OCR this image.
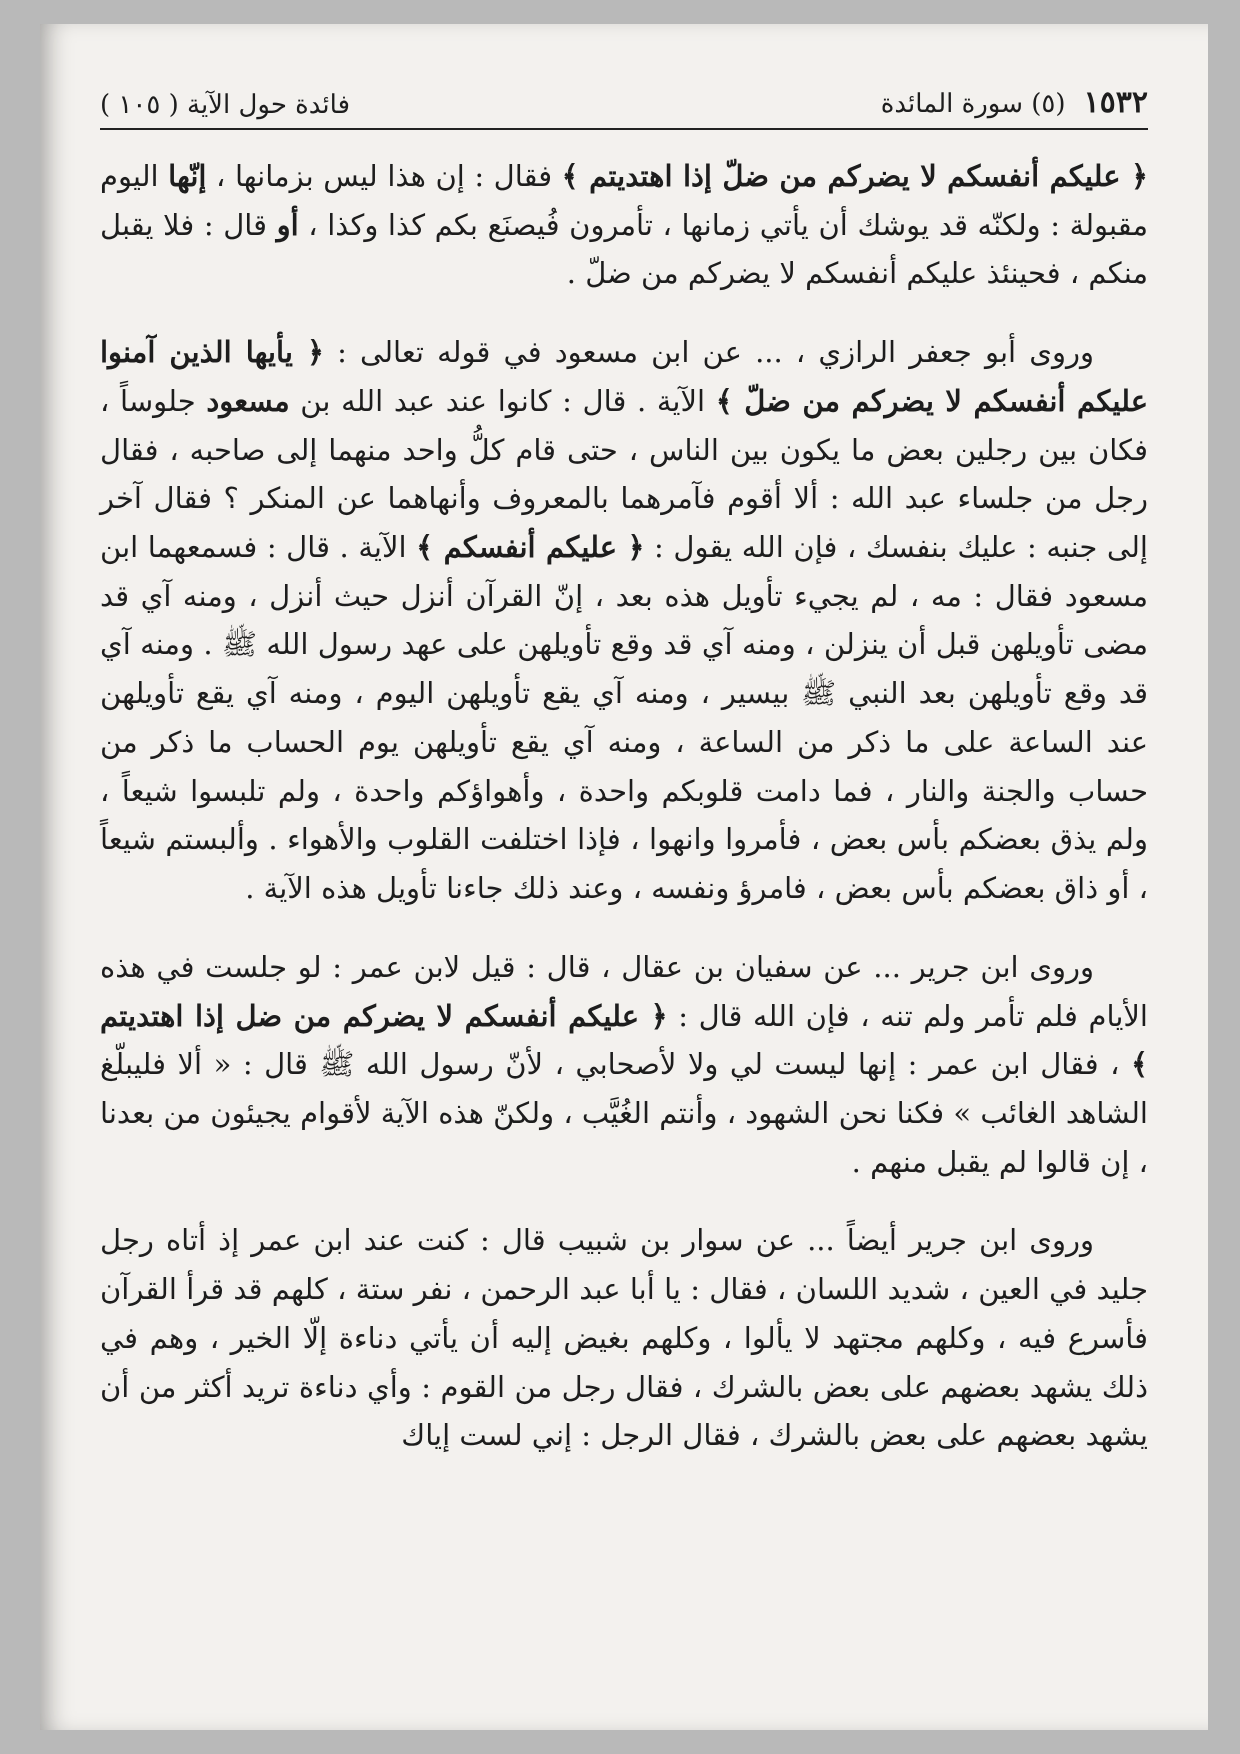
١٥٣٢
(٥) سورة المائدة
فائدة حول الآية ( ١٠٥ )

﴿ عليكم أنفسكم لا يضركم من ضلّ إذا اهتديتم ﴾ فقال : إن هذا ليس بزمانها ، إنّها اليوم مقبولة : ولكنّه قد يوشك أن يأتي زمانها ، تأمرون فُيصنَع بكم كذا وكذا ، أو قال : فلا يقبل منكم ، فحينئذ عليكم أنفسكم لا يضركم من ضلّ .

وروى أبو جعفر الرازي ، ... عن ابن مسعود في قوله تعالى : ﴿ يأيها الذين آمنوا عليكم أنفسكم لا يضركم من ضلّ ﴾ الآية . قال : كانوا عند عبد الله بن مسعود جلوساً ، فكان بين رجلين بعض ما يكون بين الناس ، حتى قام كلُّ واحد منهما إلى صاحبه ، فقال رجل من جلساء عبد الله : ألا أقوم فآمرهما بالمعروف وأنهاهما عن المنكر ؟ فقال آخر إلى جنبه : عليك بنفسك ، فإن الله يقول : ﴿ عليكم أنفسكم ﴾ الآية . قال : فسمعهما ابن مسعود فقال : مه ، لم يجيء تأويل هذه بعد ، إنّ القرآن أنزل حيث أنزل ، ومنه آي قد مضى تأويلهن قبل أن ينزلن ، ومنه آي قد وقع تأويلهن على عهد رسول الله ﷺ . ومنه آي قد وقع تأويلهن بعد النبي ﷺ بيسير ، ومنه آي يقع تأويلهن اليوم ، ومنه آي يقع تأويلهن عند الساعة على ما ذكر من الساعة ، ومنه آي يقع تأويلهن يوم الحساب ما ذكر من حساب والجنة والنار ، فما دامت قلوبكم واحدة ، وأهواؤكم واحدة ، ولم تلبسوا شيعاً ، ولم يذق بعضكم بأس بعض ، فأمروا وانهوا ، فإذا اختلفت القلوب والأهواء . وألبستم شيعاً ، أو ذاق بعضكم بأس بعض ، فامرؤ ونفسه ، وعند ذلك جاءنا تأويل هذه الآية .

وروى ابن جرير ... عن سفيان بن عقال ، قال : قيل لابن عمر : لو جلست في هذه الأيام فلم تأمر ولم تنه ، فإن الله قال : ﴿ عليكم أنفسكم لا يضركم من ضل إذا اهتديتم ﴾ ، فقال ابن عمر : إنها ليست لي ولا لأصحابي ، لأنّ رسول الله ﷺ قال : « ألا فليبلّغ الشاهد الغائب » فكنا نحن الشهود ، وأنتم الغُيَّب ، ولكنّ هذه الآية لأقوام يجيئون من بعدنا ، إن قالوا لم يقبل منهم .

وروى ابن جرير أيضاً ... عن سوار بن شبيب قال : كنت عند ابن عمر إذ أتاه رجل جليد في العين ، شديد اللسان ، فقال : يا أبا عبد الرحمن ، نفر ستة ، كلهم قد قرأ القرآن فأسرع فيه ، وكلهم مجتهد لا يألوا ، وكلهم بغيض إليه أن يأتي دناءة إلّا الخير ، وهم في ذلك يشهد بعضهم على بعض بالشرك ، فقال رجل من القوم : وأي دناءة تريد أكثر من أن يشهد بعضهم على بعض بالشرك ، فقال الرجل : إني لست إياك
